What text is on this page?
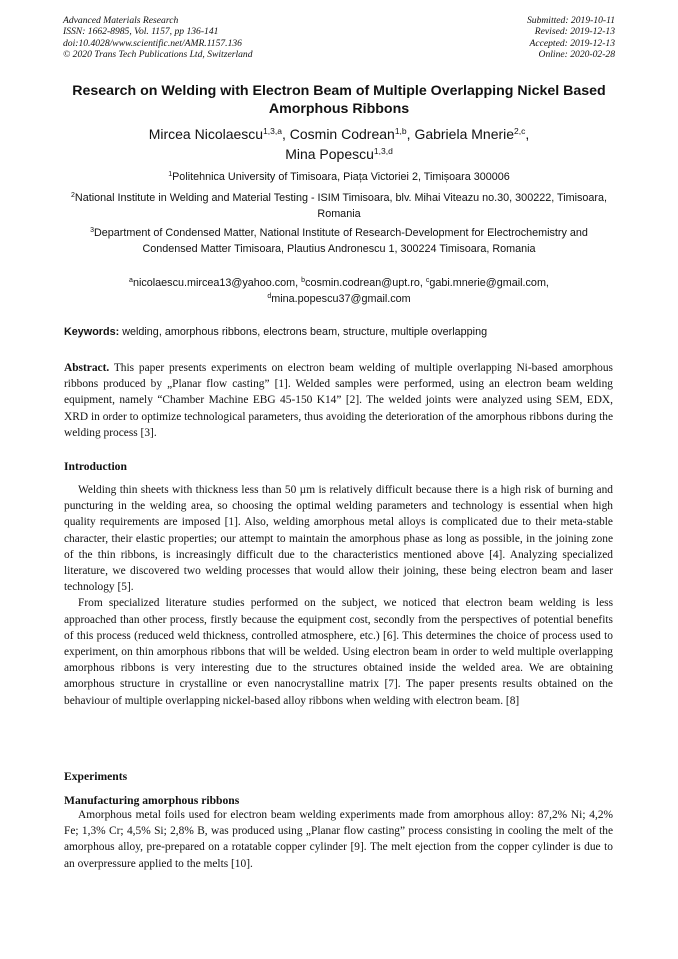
Advanced Materials Research
ISSN: 1662-8985, Vol. 1157, pp 136-141
doi:10.4028/www.scientific.net/AMR.1157.136
© 2020 Trans Tech Publications Ltd, Switzerland
Submitted: 2019-10-11
Revised: 2019-12-13
Accepted: 2019-12-13
Online: 2020-02-28
Research on Welding with Electron Beam of Multiple Overlapping Nickel Based Amorphous Ribbons
Mircea Nicolaescu$^{1,3,a}$, Cosmin Codrean$^{1,b}$, Gabriela Mnerie$^{2,c}$,
Mina Popescu$^{1,3,d}$
$^1$Politehnica University of Timisoara, Piața Victoriei 2, Timișoara 300006
$^2$National Institute in Welding and Material Testing - ISIM Timisoara, blv. Mihai Viteazu no.30, 300222, Timisoara, Romania
$^3$Department of Condensed Matter, National Institute of Research-Development for Electrochemistry and Condensed Matter Timisoara, Plautius Andronescu 1, 300224 Timisoara, Romania
$^a$nicolaescu.mircea13@yahoo.com, $^b$cosmin.codrean@upt.ro, $^c$gabi.mnerie@gmail.com,
$^d$mina.popescu37@gmail.com
Keywords: welding, amorphous ribbons, electrons beam, structure, multiple overlapping
Abstract. This paper presents experiments on electron beam welding of multiple overlapping Ni-based amorphous ribbons produced by „Planar flow casting” [1]. Welded samples were performed, using an electron beam welding equipment, namely “Chamber Machine EBG 45-150 K14” [2]. The welded joints were analyzed using SEM, EDX, XRD in order to optimize technological parameters, thus avoiding the deterioration of the amorphous ribbons during the welding process [3].
Introduction

Welding thin sheets with thickness less than 50 µm is relatively difficult because there is a high risk of burning and puncturing in the welding area, so choosing the optimal welding parameters and technology is essential when high quality requirements are imposed [1]. Also, welding amorphous metal alloys is complicated due to their meta-stable character, their elastic properties; our attempt to maintain the amorphous phase as long as possible, in the joining zone of the thin ribbons, is increasingly difficult due to the characteristics mentioned above [4]. Analyzing specialized literature, we discovered two welding processes that would allow their joining, these being electron beam and laser technology [5].

From specialized literature studies performed on the subject, we noticed that electron beam welding is less approached than other process, firstly because the equipment cost, secondly from the perspectives of potential benefits of this process (reduced weld thickness, controlled atmosphere, etc.) [6]. This determines the choice of process used to experiment, on thin amorphous ribbons that will be welded. Using electron beam in order to weld multiple overlapping amorphous ribbons is very interesting due to the structures obtained inside the welded area. We are obtaining amorphous structure in crystalline or even nanocrystalline matrix [7]. The paper presents results obtained on the behaviour of multiple overlapping nickel-based alloy ribbons when welding with electron beam. [8]

Experiments
Manufacturing amorphous ribbons

Amorphous metal foils used for electron beam welding experiments made from amorphous alloy: 87,2% Ni; 4,2% Fe; 1,3% Cr; 4,5% Si; 2,8% B, was produced using „Planar flow casting” process consisting in cooling the melt of the amorphous alloy, pre-prepared on a rotatable copper cylinder [9]. The melt ejection from the copper cylinder is due to an overpressure applied to the melts [10].
